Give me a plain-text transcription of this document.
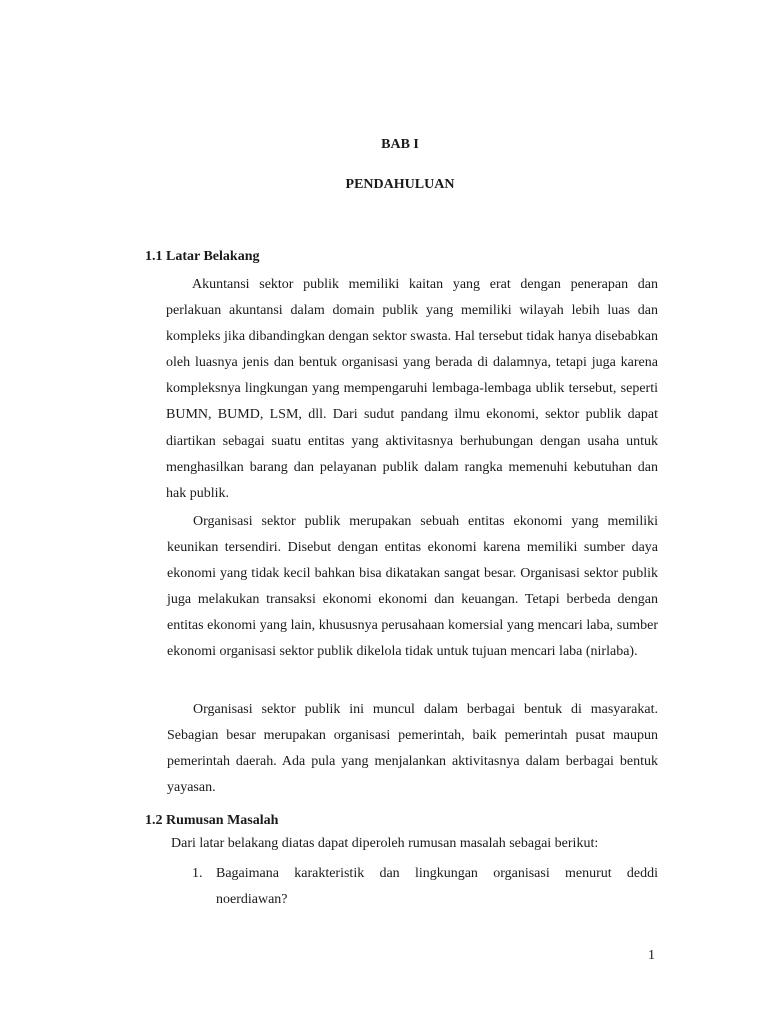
BAB I
PENDAHULUAN
1.1 Latar Belakang

Akuntansi sektor publik memiliki kaitan yang erat dengan penerapan dan perlakuan akuntansi dalam domain publik yang memiliki wilayah lebih luas dan kompleks jika dibandingkan dengan sektor swasta. Hal tersebut tidak hanya disebabkan oleh luasnya jenis dan bentuk organisasi yang berada di dalamnya, tetapi juga karena kompleksnya lingkungan yang mempengaruhi lembaga-lembaga ublik tersebut, seperti BUMN, BUMD, LSM, dll. Dari sudut pandang ilmu ekonomi, sektor publik dapat diartikan sebagai suatu entitas yang aktivitasnya berhubungan dengan usaha untuk menghasilkan barang dan pelayanan publik dalam rangka memenuhi kebutuhan dan hak publik.

Organisasi sektor publik merupakan sebuah entitas ekonomi yang memiliki keunikan tersendiri. Disebut dengan entitas ekonomi karena memiliki sumber daya ekonomi yang tidak kecil bahkan bisa dikatakan sangat besar. Organisasi sektor publik juga melakukan transaksi ekonomi ekonomi dan keuangan. Tetapi berbeda dengan entitas ekonomi yang lain, khususnya perusahaan komersial yang mencari laba, sumber ekonomi organisasi sektor publik dikelola tidak untuk tujuan mencari laba (nirlaba).

Organisasi sektor publik ini muncul dalam berbagai bentuk di masyarakat. Sebagian besar merupakan organisasi pemerintah, baik pemerintah pusat maupun pemerintah daerah. Ada pula yang menjalankan aktivitasnya dalam berbagai bentuk yayasan.

1.2 Rumusan Masalah

Dari latar belakang diatas dapat diperoleh rumusan masalah sebagai berikut:

1. Bagaimana karakteristik dan lingkungan organisasi menurut deddi noerdiawan?
1
